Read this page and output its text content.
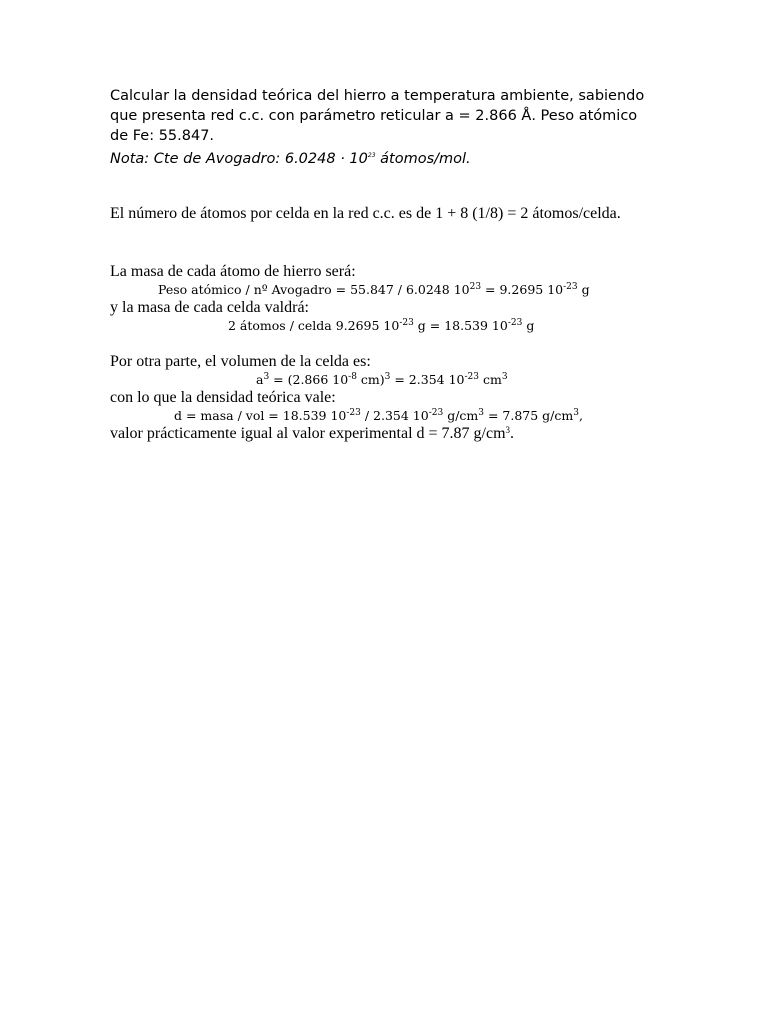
Calcular la densidad teórica del hierro a temperatura ambiente, sabiendo que presenta red c.c. con parámetro reticular a = 2.866 Å. Peso atómico de Fe: 55.847.

Nota: Cte de Avogadro: $6.0248 \cdot 10^{23}$ átomos/mol.

El número de átomos por celda en la red c.c. es de 1 + 8 (1/8) = 2 átomos/celda.

La masa de cada átomo de hierro será:

Peso atómico / nº Avogadro = 55.847 / 6.0248 $10^{23} = 9.2695$ $10^{-23}$ g

y la masa de cada celda valdrá:

2 átomos / celda 9.2695 $10^{-23}$ g = 18.539 $10^{-23}$ g

Por otra parte, el volumen de la celda es:

$a^3 = (2.866$ $10^{-8}$ cm)$^3$ = 2.354 $10^{-23}$ $cm^3$

con lo que la densidad teórica vale:

d = masa / vol = 18.539 $10^{-23} / 2.354$ $10^{-23}$ $g/cm^3 = 7.875$ $g/cm^3$,

valor prácticamente igual al valor experimental d = 7.87 $g/cm^3$.
